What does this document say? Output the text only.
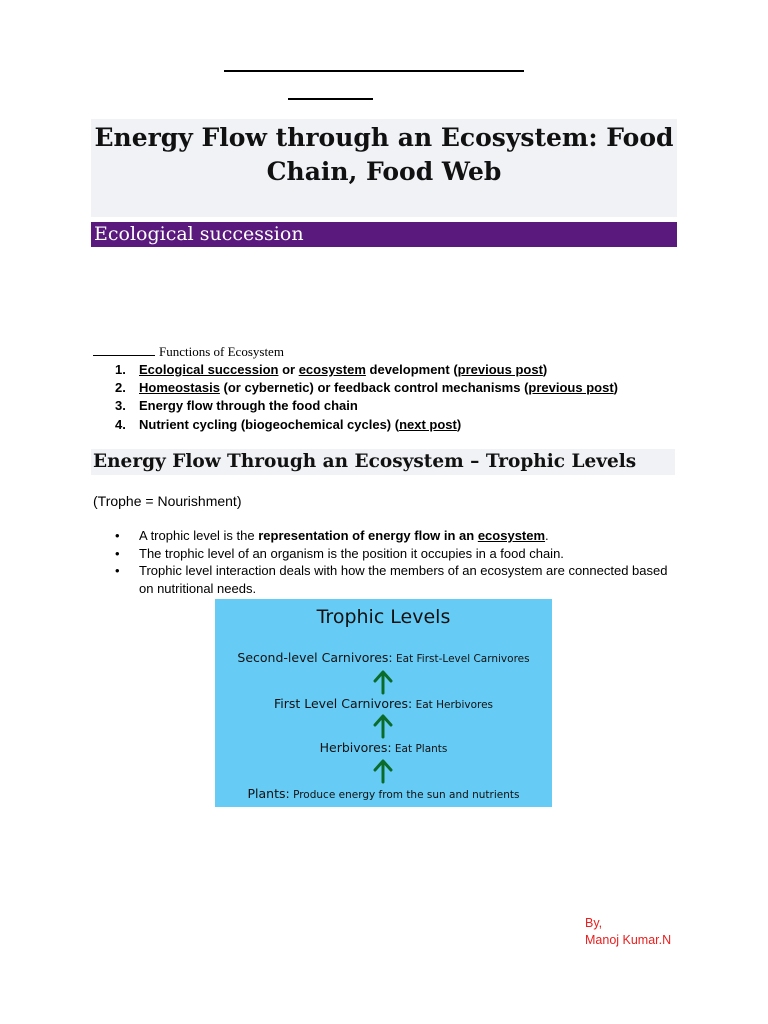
Energy Flow through an Ecosystem: Food Chain, Food Web
Ecological succession
Functions of Ecosystem
1. Ecological succession or ecosystem development (previous post)
2. Homeostasis (or cybernetic) or feedback control mechanisms (previous post)
3. Energy flow through the food chain
4. Nutrient cycling (biogeochemical cycles) (next post)
Energy Flow Through an Ecosystem – Trophic Levels
(Trophe = Nourishment)
• A trophic level is the representation of energy flow in an ecosystem.
• The trophic level of an organism is the position it occupies in a food chain.
• Trophic level interaction deals with how the members of an ecosystem are connected based on nutritional needs.
Trophic Levels
Second-level Carnivores: Eat First-Level Carnivores
First Level Carnivores: Eat Herbivores
Herbivores: Eat Plants
Plants: Produce energy from the sun and nutrients
By,
Manoj Kumar.N
